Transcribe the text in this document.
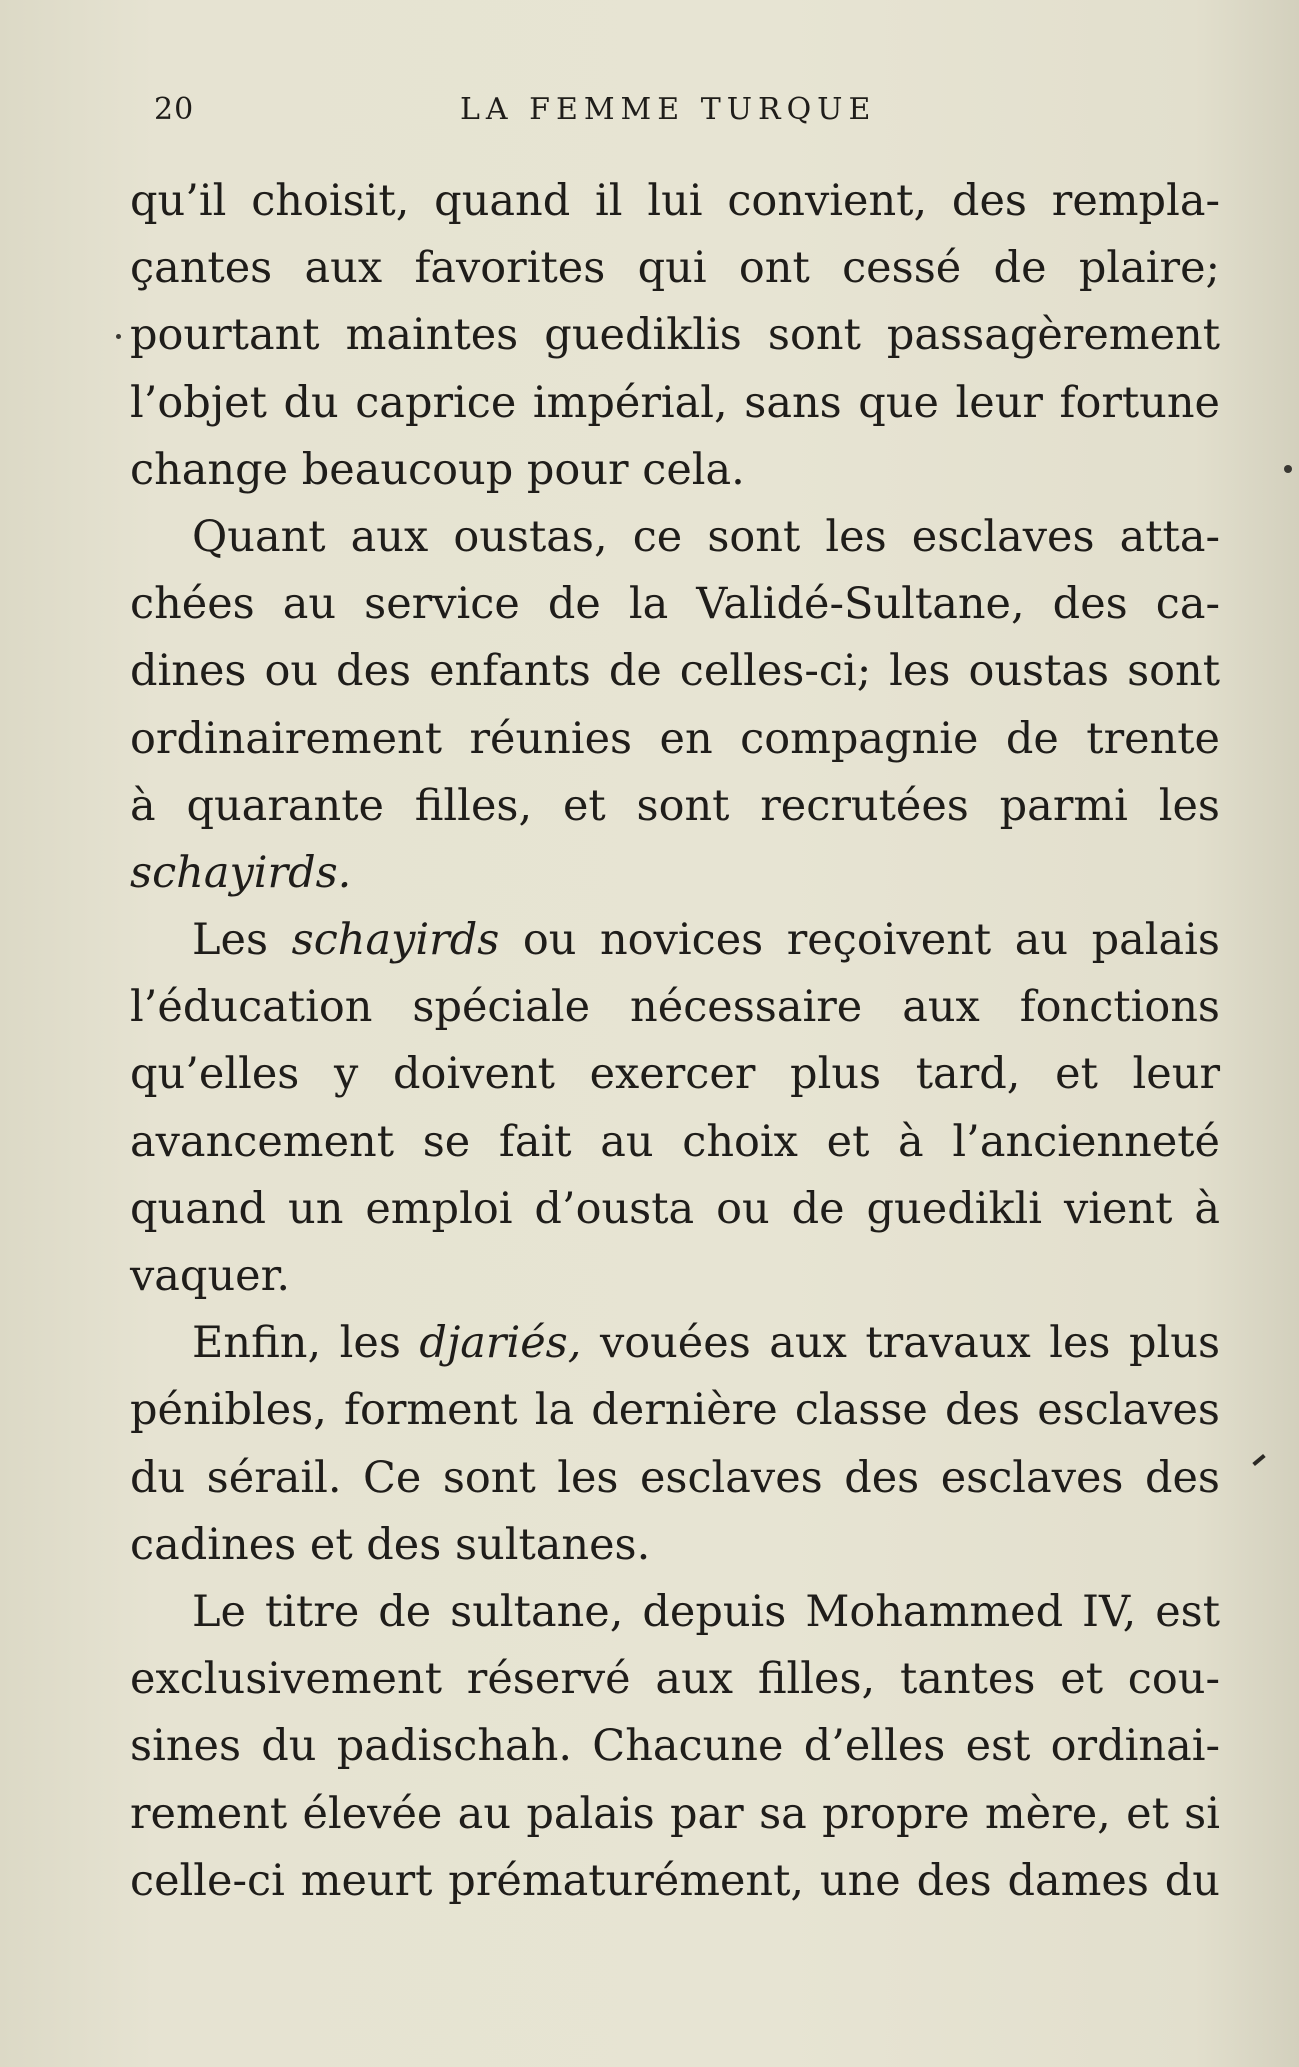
20	LA FEMME TURQUE
qu’il choisit, quand il lui convient, des rempla-
çantes aux favorites qui ont cessé de plaire;
pourtant maintes guediklis sont passagèrement
l’objet du caprice impérial, sans que leur fortune
change beaucoup pour cela.
Quant aux oustas, ce sont les esclaves atta-
chées au service de la Validé-Sultane, des ca-
dines ou des enfants de celles-ci; les oustas sont
ordinairement réunies en compagnie de trente
à quarante filles, et sont recrutées parmi les
schayirds.
Les schayirds ou novices reçoivent au palais
l’éducation spéciale nécessaire aux fonctions
qu’elles y doivent exercer plus tard, et leur
avancement se fait au choix et à l’ancienneté
quand un emploi d’ousta ou de guedikli vient à
vaquer.
Enfin, les djariés, vouées aux travaux les plus
pénibles, forment la dernière classe des esclaves
du sérail. Ce sont les esclaves des esclaves des
cadines et des sultanes.
Le titre de sultane, depuis Mohammed IV, est
exclusivement réservé aux filles, tantes et cou-
sines du padischah. Chacune d’elles est ordinai-
rement élevée au palais par sa propre mère, et si
celle-ci meurt prématurément, une des dames du
